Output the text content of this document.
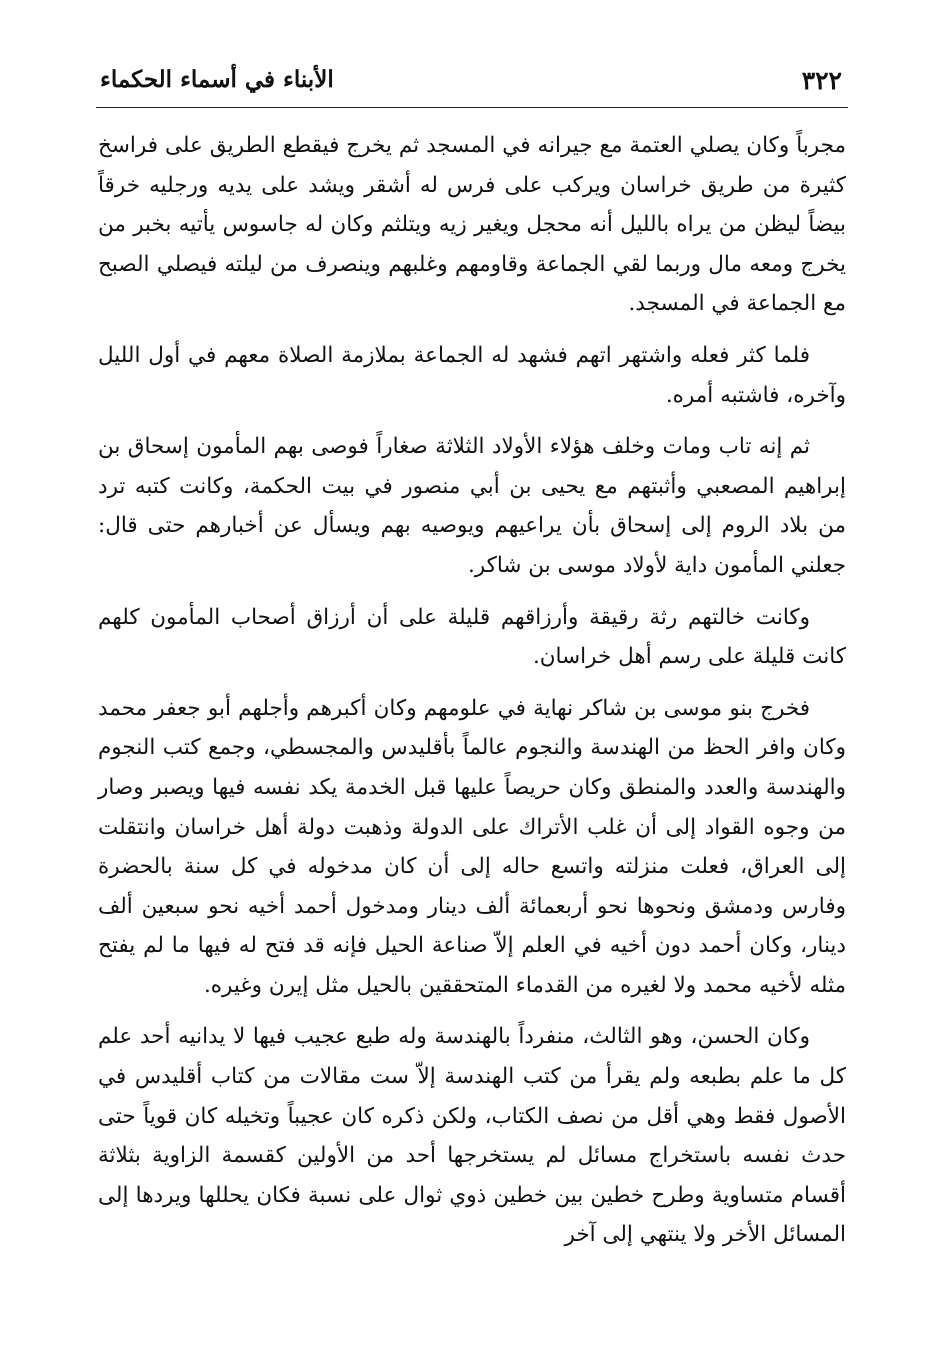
٣٢٢
الأبناء في أسماء الحكماء

مجرباً وكان يصلي العتمة مع جيرانه في المسجد ثم يخرج فيقطع الطريق على فراسخ كثيرة من طريق خراسان ويركب على فرس له أشقر ويشد على يديه ورجليه خرقاً بيضاً ليظن من يراه بالليل أنه محجل ويغير زيه ويتلثم وكان له جاسوس يأتيه بخبر من يخرج ومعه مال وربما لقي الجماعة وقاومهم وغلبهم وينصرف من ليلته فيصلي الصبح مع الجماعة في المسجد.

فلما كثر فعله واشتهر اتهم فشهد له الجماعة بملازمة الصلاة معهم في أول الليل وآخره، فاشتبه أمره.

ثم إنه تاب ومات وخلف هؤلاء الأولاد الثلاثة صغاراً فوصى بهم المأمون إسحاق بن إبراهيم المصعبي وأثبتهم مع يحيى بن أبي منصور في بيت الحكمة، وكانت كتبه ترد من بلاد الروم إلى إسحاق بأن يراعيهم ويوصيه بهم ويسأل عن أخبارهم حتى قال: جعلني المأمون داية لأولاد موسى بن شاكر.

وكانت خالتهم رثة رقيقة وأرزاقهم قليلة على أن أرزاق أصحاب المأمون كلهم كانت قليلة على رسم أهل خراسان.

فخرج بنو موسى بن شاكر نهاية في علومهم وكان أكبرهم وأجلهم أبو جعفر محمد وكان وافر الحظ من الهندسة والنجوم عالماً بأقليدس والمجسطي، وجمع كتب النجوم والهندسة والعدد والمنطق وكان حريصاً عليها قبل الخدمة يكد نفسه فيها ويصبر وصار من وجوه القواد إلى أن غلب الأتراك على الدولة وذهبت دولة أهل خراسان وانتقلت إلى العراق، فعلت منزلته واتسع حاله إلى أن كان مدخوله في كل سنة بالحضرة وفارس ودمشق ونحوها نحو أربعمائة ألف دينار ومدخول أحمد أخيه نحو سبعين ألف دينار، وكان أحمد دون أخيه في العلم إلاّ صناعة الحيل فإنه قد فتح له فيها ما لم يفتح مثله لأخيه محمد ولا لغيره من القدماء المتحققين بالحيل مثل إيرن وغيره.

وكان الحسن، وهو الثالث، منفرداً بالهندسة وله طبع عجيب فيها لا يدانيه أحد علم كل ما علم بطبعه ولم يقرأ من كتب الهندسة إلاّ ست مقالات من كتاب أقليدس في الأصول فقط وهي أقل من نصف الكتاب، ولكن ذكره كان عجيباً وتخيله كان قوياً حتى حدث نفسه باستخراج مسائل لم يستخرجها أحد من الأولين كقسمة الزاوية بثلاثة أقسام متساوية وطرح خطين بين خطين ذوي ثوال على نسبة فكان يحللها ويردها إلى المسائل الأخر ولا ينتهي إلى آخر
